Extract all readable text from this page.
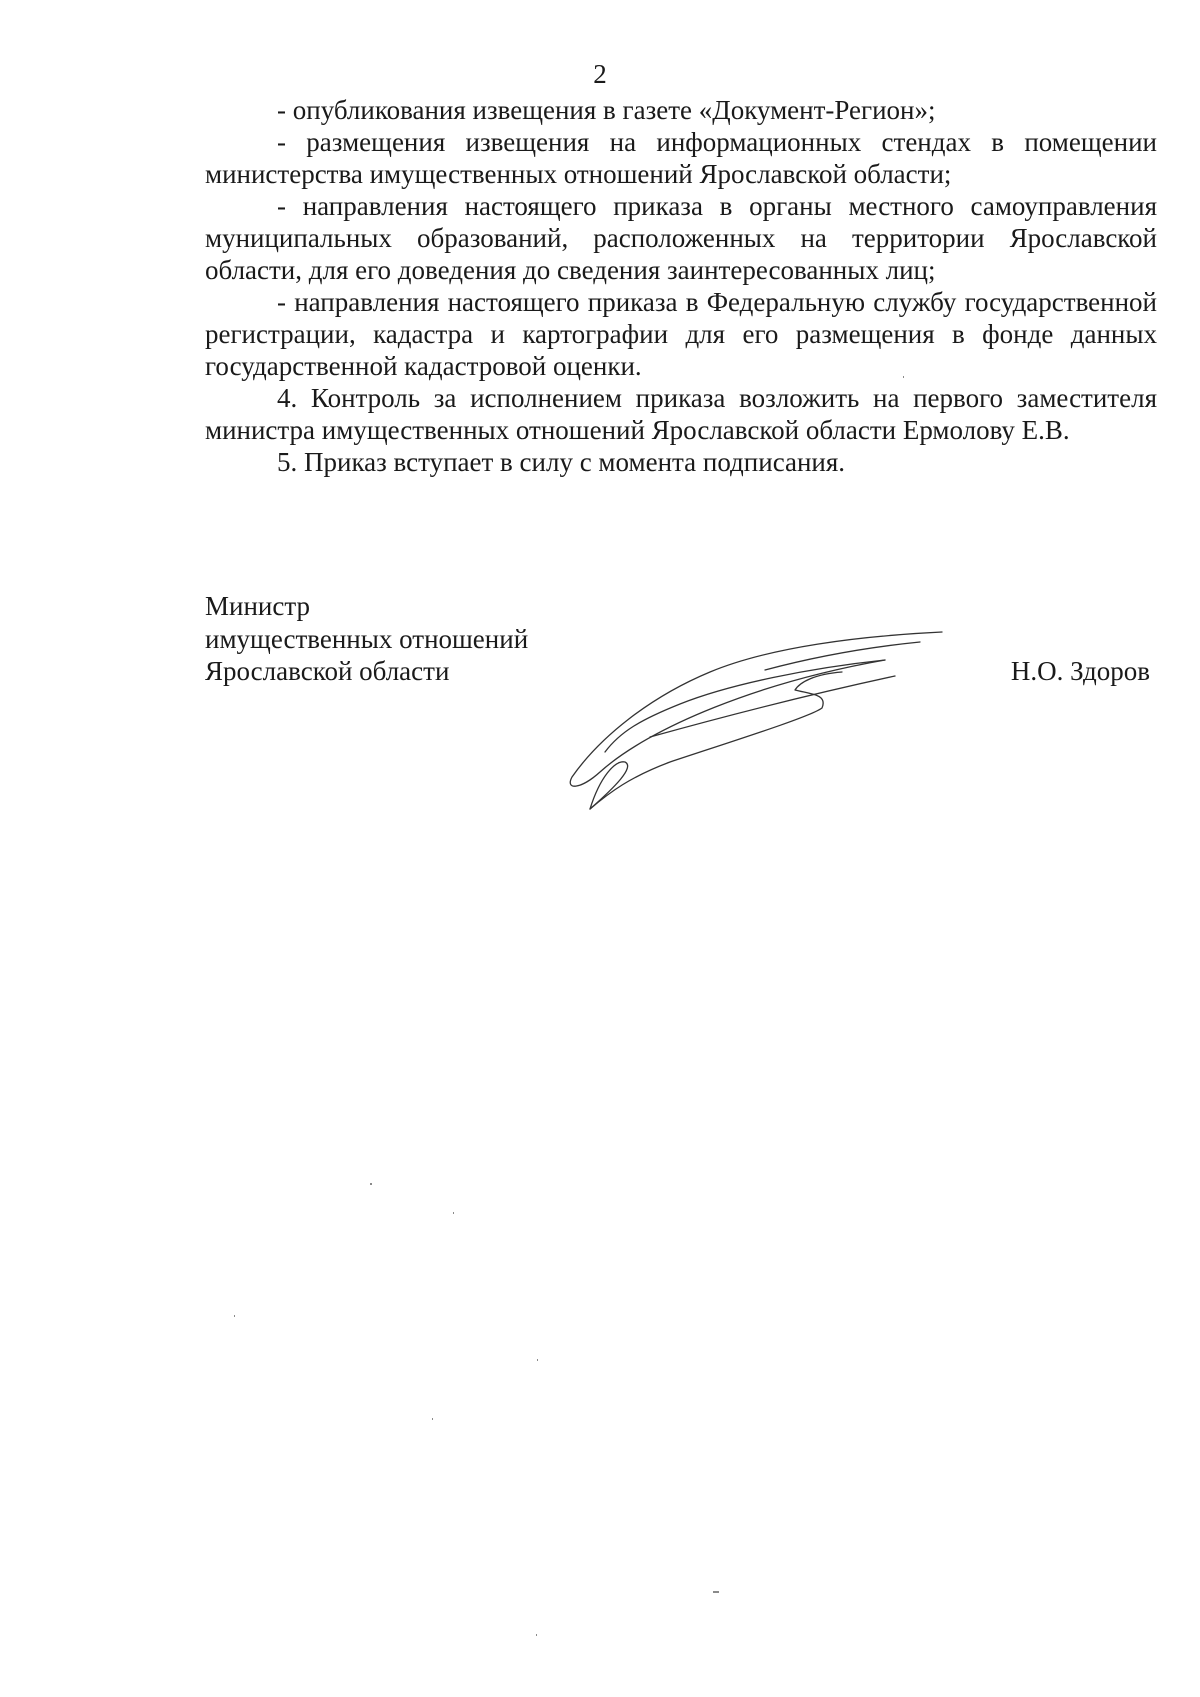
2

- опубликования извещения в газете «Документ-Регион»;

- размещения извещения на информационных стендах в помещении министерства имущественных отношений Ярославской области;

- направления настоящего приказа в органы местного самоуправления муниципальных образований, расположенных на территории Ярославской области, для его доведения до сведения заинтересованных лиц;

- направления настоящего приказа в Федеральную службу государственной регистрации, кадастра и картографии для его размещения в фонде данных государственной кадастровой оценки.

4. Контроль за исполнением приказа возложить на первого заместителя министра имущественных отношений Ярославской области Ермолову Е.В.

5. Приказ вступает в силу с момента подписания.

Министр
имущественных отношений
Ярославской области	Н.О. Здоров
